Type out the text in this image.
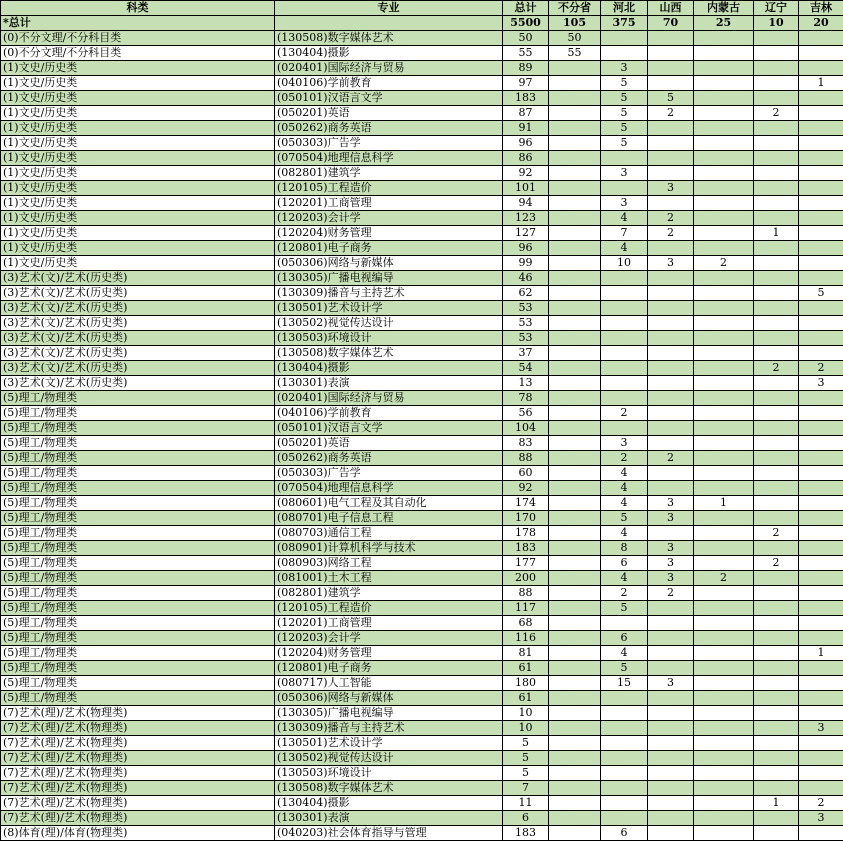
科类	专业	总计	不分省	河北	山西	内蒙古	辽宁	吉林
*总计		5500	105	375	70	25	10	20
(0)不分文理/不分科目类	(130508)数字媒体艺术	50	50					
(0)不分文理/不分科目类	(130404)摄影	55	55					
(1)文史/历史类	(020401)国际经济与贸易	89		3				
(1)文史/历史类	(040106)学前教育	97		5				1
(1)文史/历史类	(050101)汉语言文学	183		5	5			
(1)文史/历史类	(050201)英语	87		5	2		2	
(1)文史/历史类	(050262)商务英语	91		5				
(1)文史/历史类	(050303)广告学	96		5				
(1)文史/历史类	(070504)地理信息科学	86						
(1)文史/历史类	(082801)建筑学	92		3				
(1)文史/历史类	(120105)工程造价	101			3			
(1)文史/历史类	(120201)工商管理	94		3				
(1)文史/历史类	(120203)会计学	123		4	2			
(1)文史/历史类	(120204)财务管理	127		7	2		1	
(1)文史/历史类	(120801)电子商务	96		4				
(1)文史/历史类	(050306)网络与新媒体	99		10	3	2		
(3)艺术(文)/艺术(历史类)	(130305)广播电视编导	46						
(3)艺术(文)/艺术(历史类)	(130309)播音与主持艺术	62						5
(3)艺术(文)/艺术(历史类)	(130501)艺术设计学	53						
(3)艺术(文)/艺术(历史类)	(130502)视觉传达设计	53						
(3)艺术(文)/艺术(历史类)	(130503)环境设计	53						
(3)艺术(文)/艺术(历史类)	(130508)数字媒体艺术	37						
(3)艺术(文)/艺术(历史类)	(130404)摄影	54					2	2
(3)艺术(文)/艺术(历史类)	(130301)表演	13						3
(5)理工/物理类	(020401)国际经济与贸易	78						
(5)理工/物理类	(040106)学前教育	56		2				
(5)理工/物理类	(050101)汉语言文学	104						
(5)理工/物理类	(050201)英语	83		3				
(5)理工/物理类	(050262)商务英语	88		2	2			
(5)理工/物理类	(050303)广告学	60		4				
(5)理工/物理类	(070504)地理信息科学	92		4				
(5)理工/物理类	(080601)电气工程及其自动化	174		4	3	1		
(5)理工/物理类	(080701)电子信息工程	170		5	3			
(5)理工/物理类	(080703)通信工程	178		4			2	
(5)理工/物理类	(080901)计算机科学与技术	183		8	3			
(5)理工/物理类	(080903)网络工程	177		6	3		2	
(5)理工/物理类	(081001)土木工程	200		4	3	2		
(5)理工/物理类	(082801)建筑学	88		2	2			
(5)理工/物理类	(120105)工程造价	117		5				
(5)理工/物理类	(120201)工商管理	68						
(5)理工/物理类	(120203)会计学	116		6				
(5)理工/物理类	(120204)财务管理	81		4				1
(5)理工/物理类	(120801)电子商务	61		5				
(5)理工/物理类	(080717)人工智能	180		15	3			
(5)理工/物理类	(050306)网络与新媒体	61						
(7)艺术(理)/艺术(物理类)	(130305)广播电视编导	10						
(7)艺术(理)/艺术(物理类)	(130309)播音与主持艺术	10						3
(7)艺术(理)/艺术(物理类)	(130501)艺术设计学	5						
(7)艺术(理)/艺术(物理类)	(130502)视觉传达设计	5						
(7)艺术(理)/艺术(物理类)	(130503)环境设计	5						
(7)艺术(理)/艺术(物理类)	(130508)数字媒体艺术	7						
(7)艺术(理)/艺术(物理类)	(130404)摄影	11					1	2
(7)艺术(理)/艺术(物理类)	(130301)表演	6						3
(8)体育(理)/体育(物理类)	(040203)社会体育指导与管理	183		6				
